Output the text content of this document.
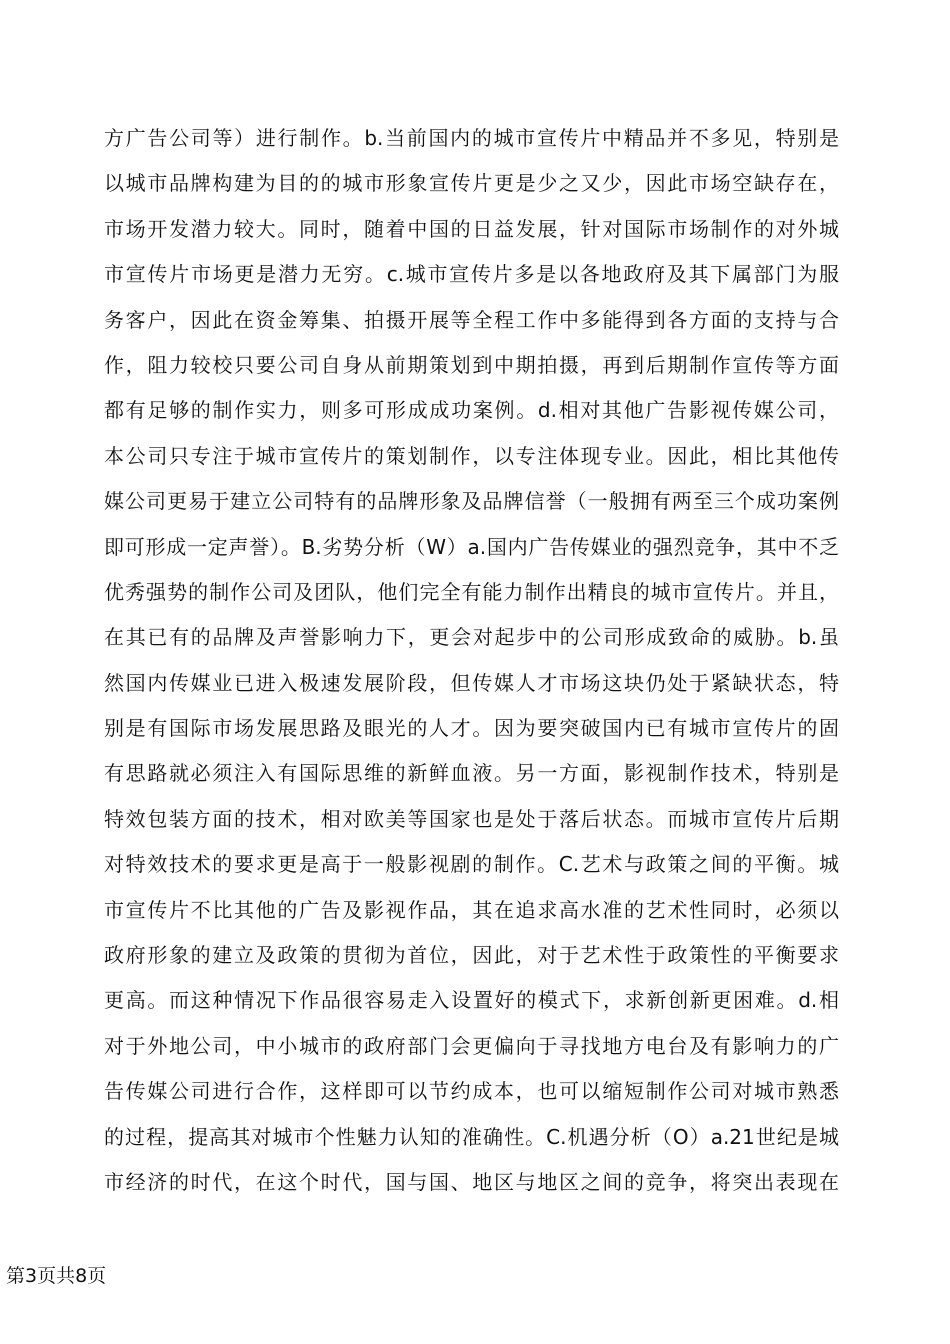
方广告公司等）进行制作。b.当前国内的城市宣传片中精品并不多见，特别是
以城市品牌构建为目的的城市形象宣传片更是少之又少，因此市场空缺存在，
市场开发潜力较大。同时，随着中国的日益发展，针对国际市场制作的对外城
市宣传片市场更是潜力无穷。c.城市宣传片多是以各地政府及其下属部门为服
务客户，因此在资金筹集、拍摄开展等全程工作中多能得到各方面的支持与合
作，阻力较校只要公司自身从前期策划到中期拍摄，再到后期制作宣传等方面
都有足够的制作实力，则多可形成成功案例。d.相对其他广告影视传媒公司，
本公司只专注于城市宣传片的策划制作，以专注体现专业。因此，相比其他传
媒公司更易于建立公司特有的品牌形象及品牌信誉（一般拥有两至三个成功案例
即可形成一定声誉）。B.劣势分析（W）a.国内广告传媒业的强烈竞争，其中不乏
优秀强势的制作公司及团队，他们完全有能力制作出精良的城市宣传片。并且，
在其已有的品牌及声誉影响力下，更会对起步中的公司形成致命的威胁。b.虽
然国内传媒业已进入极速发展阶段，但传媒人才市场这块仍处于紧缺状态，特
别是有国际市场发展思路及眼光的人才。因为要突破国内已有城市宣传片的固
有思路就必须注入有国际思维的新鲜血液。另一方面，影视制作技术，特别是
特效包装方面的技术，相对欧美等国家也是处于落后状态。而城市宣传片后期
对特效技术的要求更是高于一般影视剧的制作。C.艺术与政策之间的平衡。城
市宣传片不比其他的广告及影视作品，其在追求高水准的艺术性同时，必须以
政府形象的建立及政策的贯彻为首位，因此，对于艺术性于政策性的平衡要求
更高。而这种情况下作品很容易走入设置好的模式下，求新创新更困难。d.相
对于外地公司，中小城市的政府部门会更偏向于寻找地方电台及有影响力的广
告传媒公司进行合作，这样即可以节约成本，也可以缩短制作公司对城市熟悉
的过程，提高其对城市个性魅力认知的准确性。C.机遇分析（O）a.21世纪是城
市经济的时代，在这个时代，国与国、地区与地区之间的竞争，将突出表现在
第3页共8页
